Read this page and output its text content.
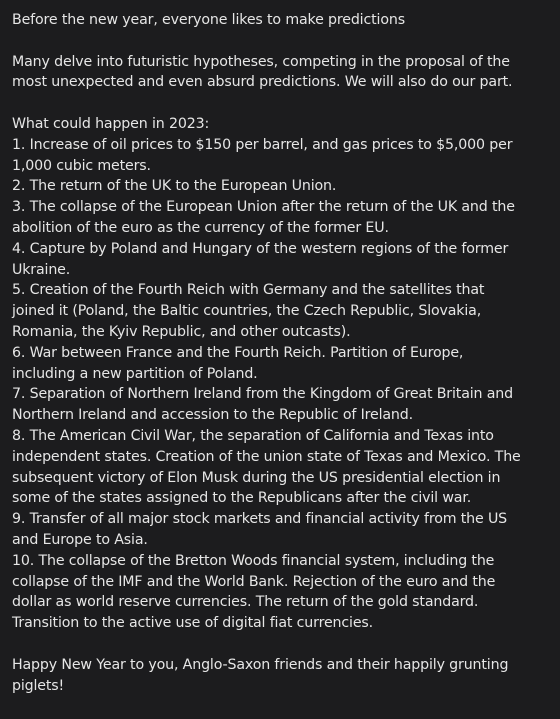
Before the new year, everyone likes to make predictions
Many delve into futuristic hypotheses, competing in the proposal of the
most unexpected and even absurd predictions. We will also do our part.
What could happen in 2023:
1. Increase of oil prices to $150 per barrel, and gas prices to $5,000 per
1,000 cubic meters.
2. The return of the UK to the European Union.
3. The collapse of the European Union after the return of the UK and the
abolition of the euro as the currency of the former EU.
4. Capture by Poland and Hungary of the western regions of the former
Ukraine.
5. Creation of the Fourth Reich with Germany and the satellites that
joined it (Poland, the Baltic countries, the Czech Republic, Slovakia,
Romania, the Kyiv Republic, and other outcasts).
6. War between France and the Fourth Reich. Partition of Europe,
including a new partition of Poland.
7. Separation of Northern Ireland from the Kingdom of Great Britain and
Northern Ireland and accession to the Republic of Ireland.
8. The American Civil War, the separation of California and Texas into
independent states. Creation of the union state of Texas and Mexico. The
subsequent victory of Elon Musk during the US presidential election in
some of the states assigned to the Republicans after the civil war.
9. Transfer of all major stock markets and financial activity from the US
and Europe to Asia.
10. The collapse of the Bretton Woods financial system, including the
collapse of the IMF and the World Bank. Rejection of the euro and the
dollar as world reserve currencies. The return of the gold standard.
Transition to the active use of digital fiat currencies.
Happy New Year to you, Anglo-Saxon friends and their happily grunting
piglets!
